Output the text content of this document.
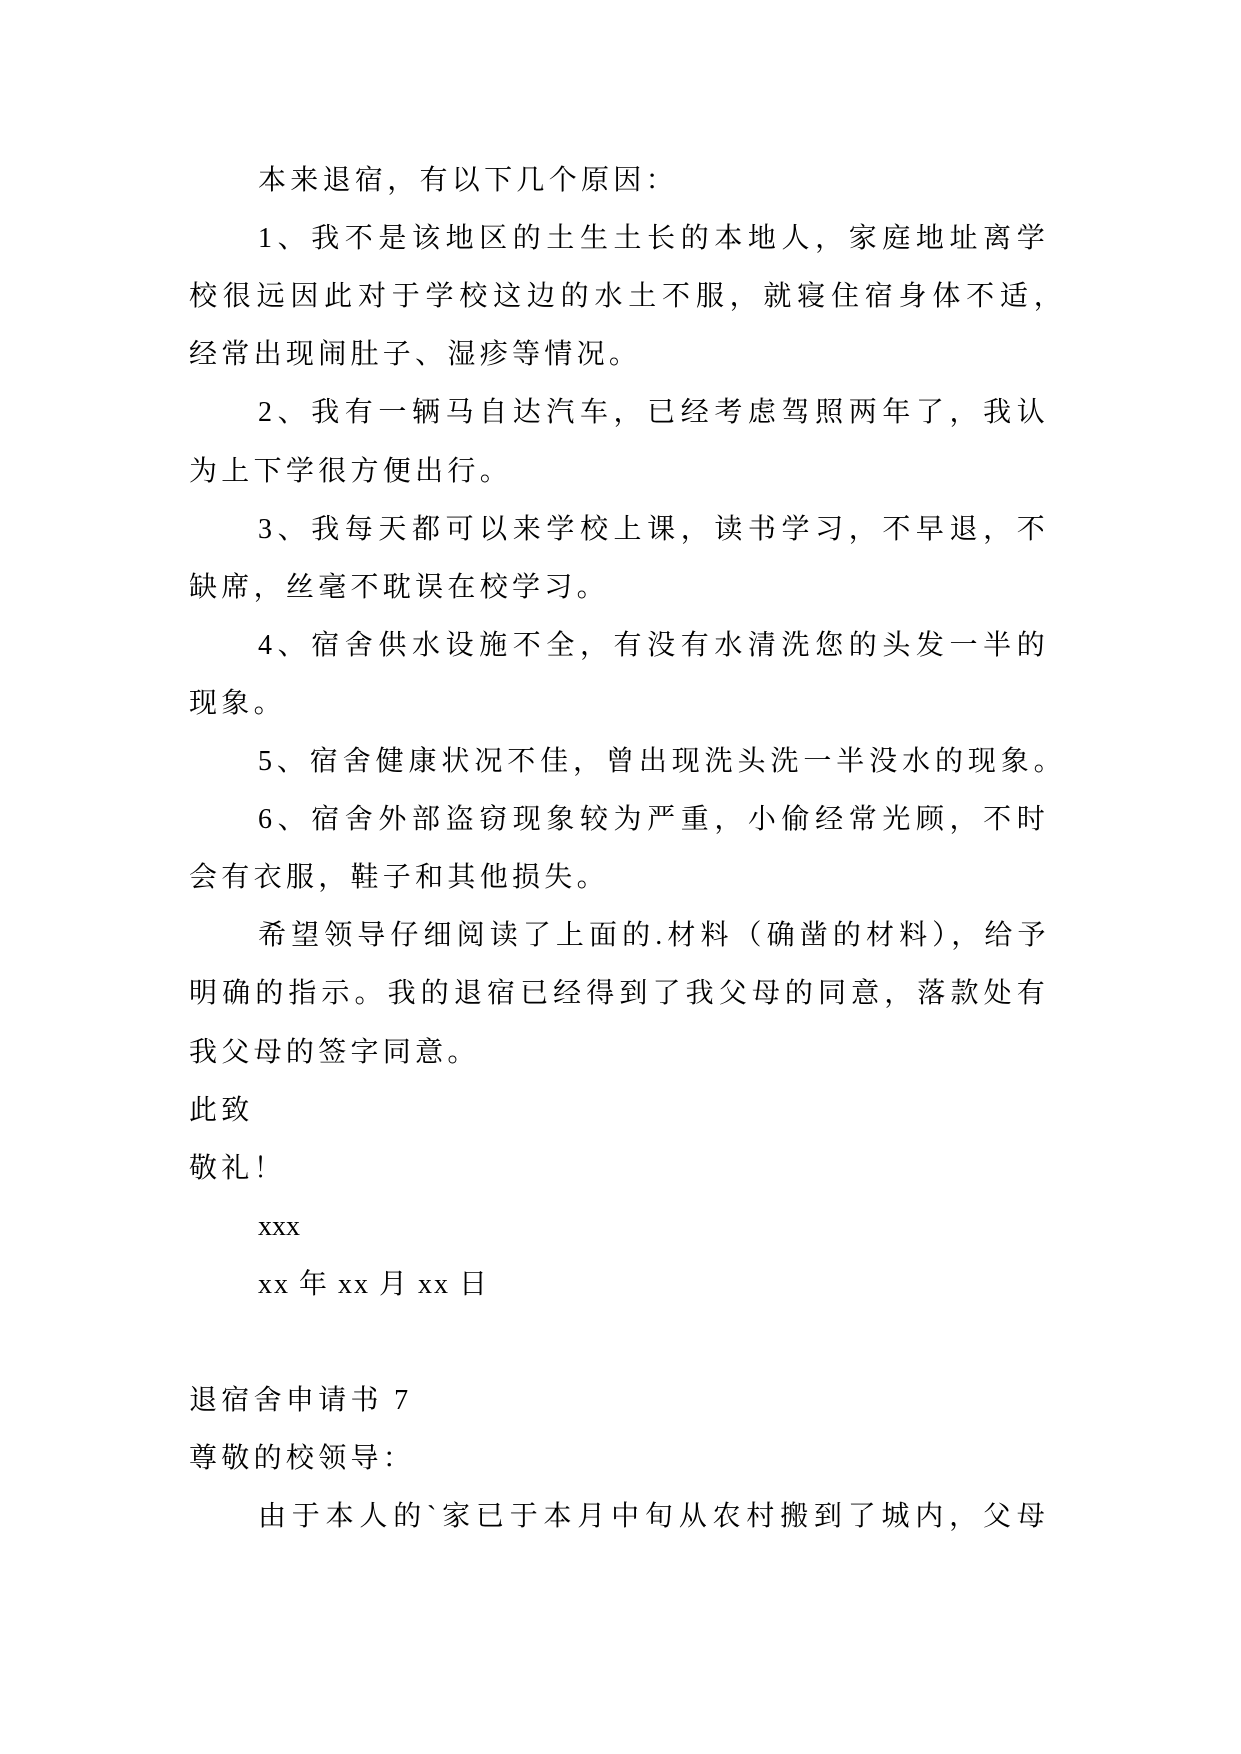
本来退宿，有以下几个原因：
1、我不是该地区的土生土长的本地人，家庭地址离学
校很远因此对于学校这边的水土不服，就寝住宿身体不适，
经常出现闹肚子、湿疹等情况。
2、我有一辆马自达汽车，已经考虑驾照两年了，我认
为上下学很方便出行。
3、我每天都可以来学校上课，读书学习，不早退，不
缺席，丝毫不耽误在校学习。
4、宿舍供水设施不全，有没有水清洗您的头发一半的
现象。
5、宿舍健康状况不佳，曾出现洗头洗一半没水的现象。
6、宿舍外部盗窃现象较为严重，小偷经常光顾，不时
会有衣服，鞋子和其他损失。
希望领导仔细阅读了上面的.材料（确凿的材料），给予
明确的指示。我的退宿已经得到了我父母的同意，落款处有
我父母的签字同意。
此致
敬礼！
xxx
xx 年 xx 月 xx 日
退宿舍申请书 7
尊敬的校领导：
由于本人的`家已于本月中旬从农村搬到了城内，父母
